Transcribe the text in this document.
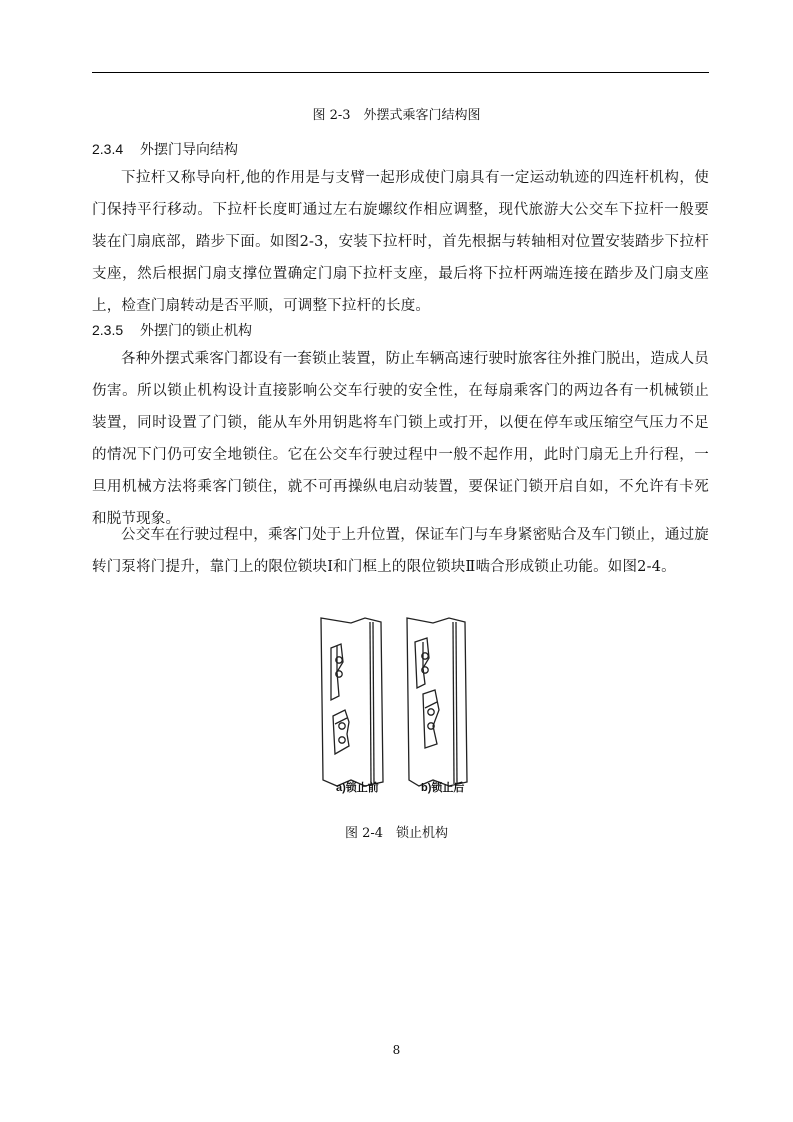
图 2-3　外摆式乘客门结构图
2.3.4 外摆门导向结构

下拉杆又称导向杆,他的作用是与支臂一起形成使门扇具有一定运动轨迹的四连杆机构，使门保持平行移动。下拉杆长度町通过左右旋螺纹作相应调整，现代旅游大公交车下拉杆一般要装在门扇底部，踏步下面。如图2-3，安装下拉杆时，首先根据与转轴相对位置安装踏步下拉杆支座，然后根据门扇支撑位置确定门扇下拉杆支座，最后将下拉杆两端连接在踏步及门扇支座上，检查门扇转动是否平顺，可调整下拉杆的长度。

2.3.5 外摆门的锁止机构

各种外摆式乘客门都设有一套锁止装置，防止车辆高速行驶时旅客往外推门脱出，造成人员伤害。所以锁止机构设计直接影响公交车行驶的安全性，在每扇乘客门的两边各有一机械锁止装置，同时设置了门锁，能从车外用钥匙将车门锁上或打开，以便在停车或压缩空气压力不足的情况下门仍可安全地锁住。它在公交车行驶过程中一般不起作用，此时门扇无上升行程，一旦用机械方法将乘客门锁住，就不可再操纵电启动装置，要保证门锁开启自如，不允许有卡死和脱节现象。

公交车在行驶过程中，乘客门处于上升位置，保证车门与车身紧密贴合及车门锁止，通过旋转门泵将门提升，靠门上的限位锁块I和门框上的限位锁块Ⅱ啮合形成锁止功能。如图2-4。

a)锁止前	b)锁止后
图 2-4　锁止机构
8
